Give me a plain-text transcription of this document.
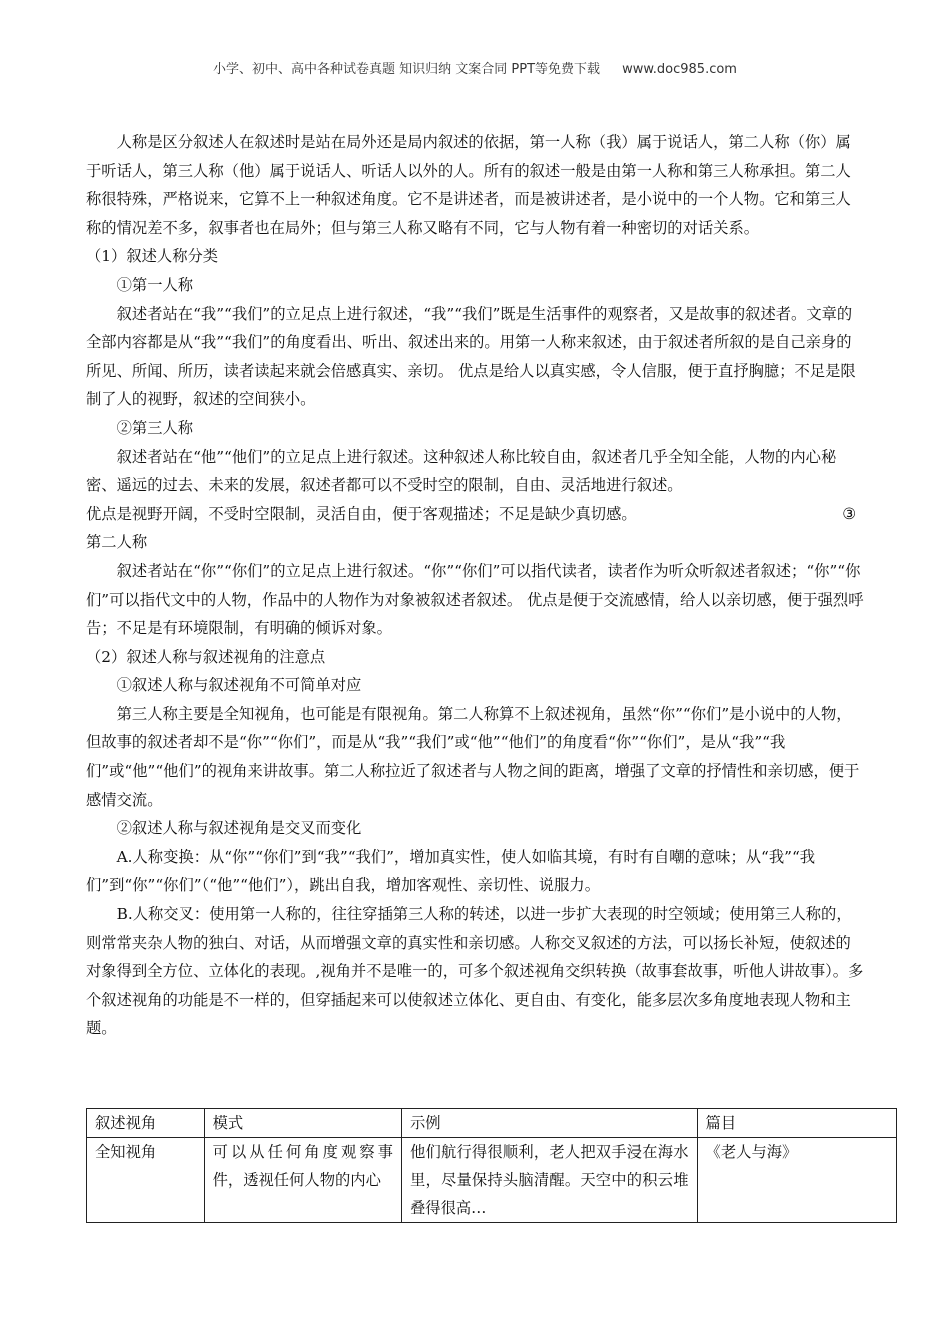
小学、初中、高中各种试卷真题 知识归纳 文案合同 PPT等免费下载 www.doc985.com

人称是区分叙述人在叙述时是站在局外还是局内叙述的依据，第一人称（我）属于说话人，第二人称（你）属于听话人，第三人称（他）属于说话人、听话人以外的人。所有的叙述一般是由第一人称和第三人称承担。第二人称很特殊，严格说来，它算不上一种叙述角度。它不是讲述者，而是被讲述者，是小说中的一个人物。它和第三人称的情况差不多，叙事者也在局外；但与第三人称又略有不同，它与人物有着一种密切的对话关系。

（1）叙述人称分类

①第一人称

叙述者站在“我”“我们”的立足点上进行叙述，“我”“我们”既是生活事件的观察者，又是故事的叙述者。文章的全部内容都是从“我”“我们”的角度看出、听出、叙述出来的。用第一人称来叙述，由于叙述者所叙的是自己亲身的所见、所闻、所历，读者读起来就会倍感真实、亲切。 优点是给人以真实感，令人信服，便于直抒胸臆；不足是限制了人的视野，叙述的空间狭小。

②第三人称

叙述者站在“他”“他们”的立足点上进行叙述。这种叙述人称比较自由，叙述者几乎全知全能，人物的内心秘密、遥远的过去、未来的发展，叙述者都可以不受时空的限制，自由、灵活地进行叙述。

优点是视野开阔，不受时空限制，灵活自由，便于客观描述；不足是缺少真切感。	③

第二人称

叙述者站在“你”“你们”的立足点上进行叙述。“你”“你们”可以指代读者，读者作为听众听叙述者叙述；“你”“你们”可以指代文中的人物，作品中的人物作为对象被叙述者叙述。 优点是便于交流感情，给人以亲切感，便于强烈呼告；不足是有环境限制，有明确的倾诉对象。

（2）叙述人称与叙述视角的注意点

①叙述人称与叙述视角不可简单对应

第三人称主要是全知视角，也可能是有限视角。第二人称算不上叙述视角，虽然“你”“你们”是小说中的人物，但故事的叙述者却不是“你”“你们”，而是从“我”“我们”或“他”“他们”的角度看“你”“你们”，是从“我”“我们”或“他”“他们”的视角来讲故事。第二人称拉近了叙述者与人物之间的距离，增强了文章的抒情性和亲切感，便于感情交流。

②叙述人称与叙述视角是交叉而变化

A.人称变换：从“你”“你们”到“我”“我们”，增加真实性，使人如临其境，有时有自嘲的意味；从“我”“我们”到“你”“你们”（“他”“他们”），跳出自我，增加客观性、亲切性、说服力。

B.人称交叉：使用第一人称的，往往穿插第三人称的转述，以进一步扩大表现的时空领域；使用第三人称的，则常常夹杂人物的独白、对话，从而增强文章的真实性和亲切感。人称交叉叙述的方法，可以扬长补短，使叙述的对象得到全方位、立体化的表现。,视角并不是唯一的，可多个叙述视角交织转换（故事套故事，听他人讲故事）。多个叙述视角的功能是不一样的，但穿插起来可以使叙述立体化、更自由、有变化，能多层次多角度地表现人物和主题。

叙述视角	模式	示例	篇目
全知视角	可以从任何角度观察事件，透视任何人物的内心	他们航行得很顺利，老人把双手浸在海水里，尽量保持头脑清醒。天空中的积云堆叠得很高…	《老人与海》
